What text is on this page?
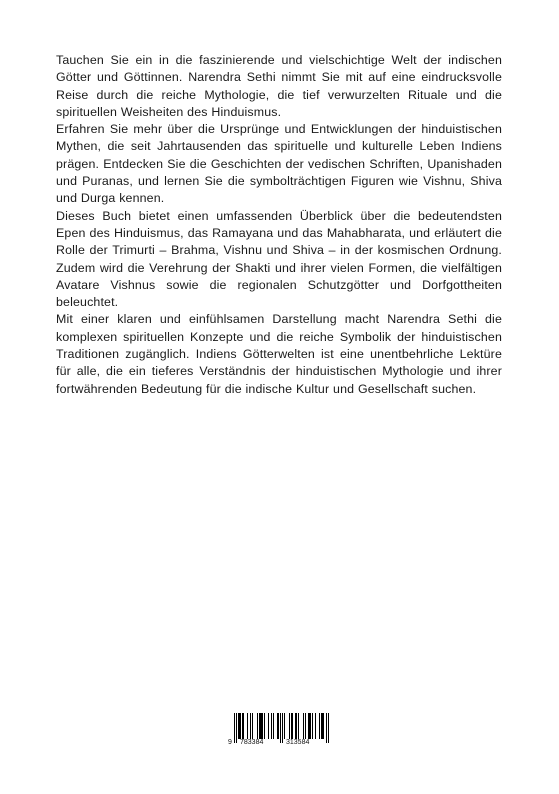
Tauchen Sie ein in die faszinierende und vielschichtige Welt der indischen Götter und Göttinnen. Narendra Sethi nimmt Sie mit auf eine eindrucksvolle Reise durch die reiche Mythologie, die tief verwurzelten Rituale und die spirituellen Weisheiten des Hinduismus.

Erfahren Sie mehr über die Ursprünge und Entwicklungen der hinduistischen Mythen, die seit Jahrtausenden das spirituelle und kulturelle Leben Indiens prägen. Entdecken Sie die Geschichten der vedischen Schriften, Upanishaden und Puranas, und lernen Sie die symbolträchtigen Figuren wie Vishnu, Shiva und Durga kennen.

Dieses Buch bietet einen umfassenden Überblick über die bedeutendsten Epen des Hinduismus, das Ramayana und das Mahabharata, und erläutert die Rolle der Trimurti – Brahma, Vishnu und Shiva – in der kosmischen Ordnung. Zudem wird die Verehrung der Shakti und ihrer vielen Formen, die vielfältigen Avatare Vishnus sowie die regionalen Schutzgötter und Dorfgottheiten beleuchtet.

Mit einer klaren und einfühlsamen Darstellung macht Narendra Sethi die komplexen spirituellen Konzepte und die reiche Symbolik der hinduistischen Traditionen zugänglich. Indiens Götterwelten ist eine unentbehrliche Lektüre für alle, die ein tieferes Verständnis der hinduistischen Mythologie und ihrer fortwährenden Bedeutung für die indische Kultur und Gesellschaft suchen.

9 783384	313584
